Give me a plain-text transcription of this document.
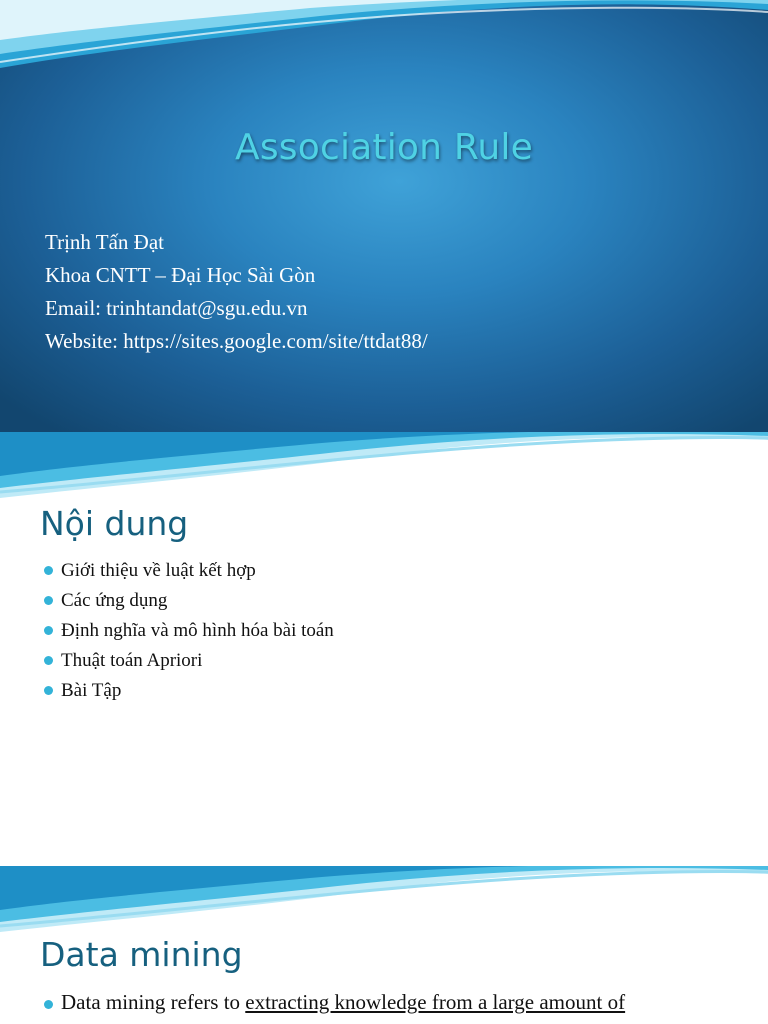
Association Rule
Trịnh Tấn Đạt
Khoa CNTT – Đại Học Sài Gòn
Email: trinhtandat@sgu.edu.vn
Website: https://sites.google.com/site/ttdat88/
Nội dung
Giới thiệu về luật kết hợp
Các ứng dụng
Định nghĩa và mô hình hóa bài toán
Thuật toán Apriori
Bài Tập
Data mining
Data mining refers to extracting knowledge from a large amount of
